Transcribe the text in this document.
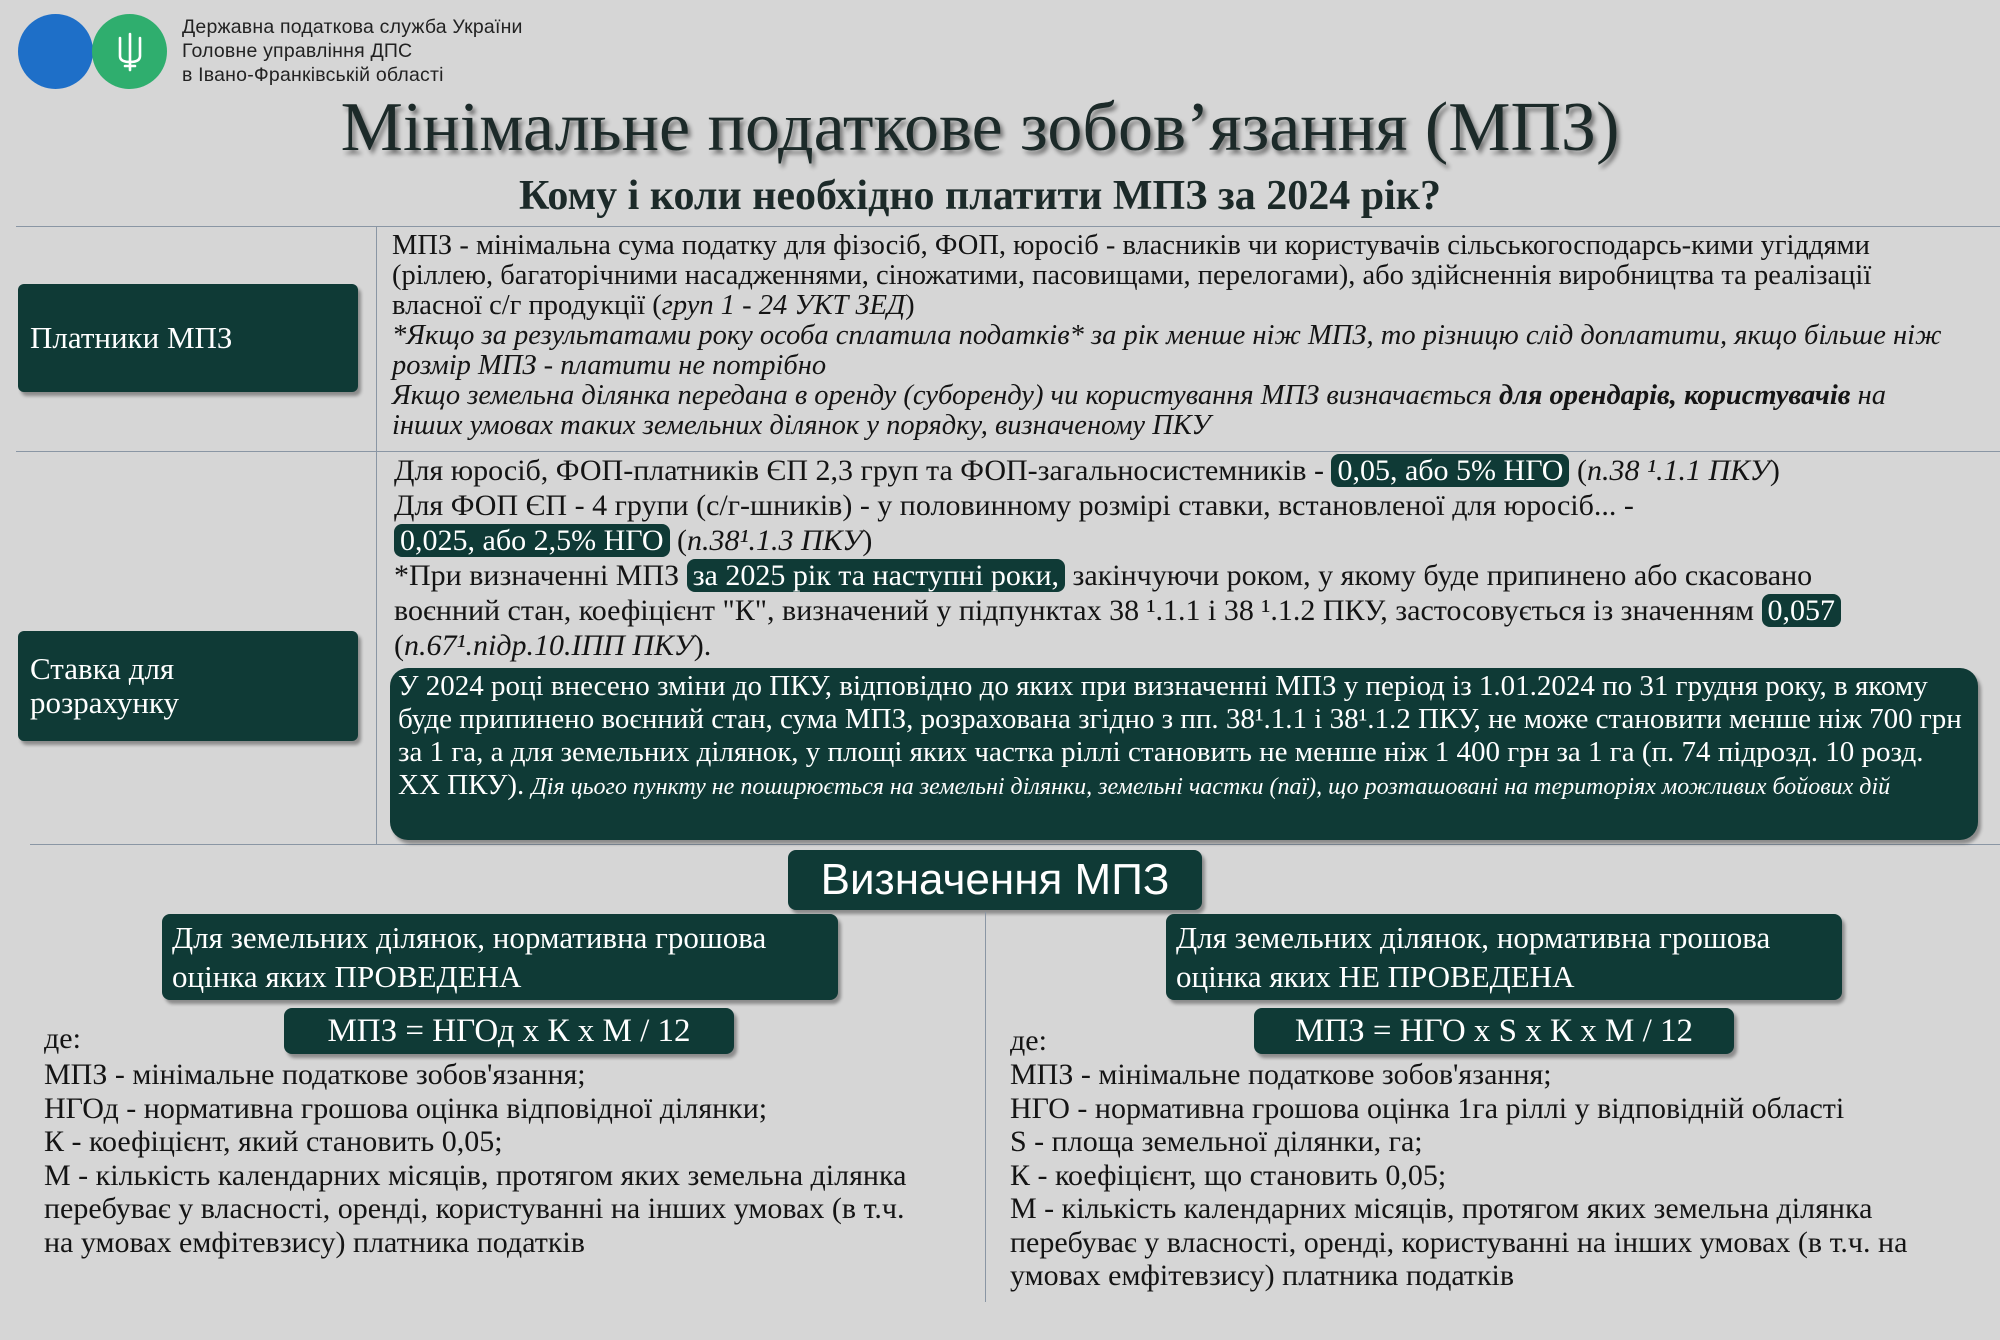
Державна податкова служба України
Головне управління ДПС
в Івано-Франківській області
Мінімальне податкове зобов’язання (МПЗ)
Кому і коли необхідно платити МПЗ за 2024 рік?
Платники МПЗ

МПЗ - мінімальна сума податку для фізосіб, ФОП, юросіб - власників чи користувачів сільськогосподарсь-кими угіддями (ріллею, багаторічними насадженнями, сіножатими, пасовищами, перелогами), або здійсненнія виробництва та реалізації власної с/г продукції (груп 1 - 24 УКТ ЗЕД)

*Якщо за результатами року особа сплатила податків* за рік менше ніж МПЗ, то різницю слід доплатити, якщо більше ніж розмір МПЗ - платити не потрібно

Якщо земельна ділянка передана в оренду (суборенду) чи користування МПЗ визначається для орендарів, користувачів на інших умовах таких земельних ділянок у порядку, визначеному ПКУ

Ставка для розрахунку

Для юросіб, ФОП-платників ЄП 2,3 груп та ФОП-загальносистемників - 0,05, або 5% НГО (п.38 ¹.1.1 ПКУ)

Для ФОП ЄП - 4 групи (с/г-шників) - у половинному розмірі ставки, встановленої для юросіб... - 0,025, або 2,5% НГО (п.38¹.1.3 ПКУ)

*При визначенні МПЗ за 2025 рік та наступні роки, закінчуючи роком, у якому буде припинено або скасовано воєнний стан, коефіцієнт "К", визначений у підпунктах 38 ¹.1.1 і 38 ¹.1.2 ПКУ, застосовується із значенням 0,057 (п.67¹.підр.10.ІПП ПКУ).

У 2024 році внесено зміни до ПКУ, відповідно до яких при визначенні МПЗ у період із 1.01.2024 по 31 грудня року, в якому буде припинено воєнний стан, сума МПЗ, розрахована згідно з пп. 38¹.1.1 і 38¹.1.2 ПКУ, не може становити менше ніж 700 грн за 1 га, а для земельних ділянок, у площі яких частка ріллі становить не менше ніж 1 400 грн за 1 га (п. 74 підрозд. 10 розд. XX ПКУ). Дія цього пункту не поширюється на земельні ділянки, земельні частки (паї), що розташовані на територіях можливих бойових дій
Визначення МПЗ
Для земельних ділянок, нормативна грошова оцінка яких ПРОВЕДЕНА
МПЗ = НГОд х К х М / 12
де:
МПЗ - мінімальне податкове зобов'язання;
НГОд - нормативна грошова оцінка відповідної ділянки;
К - коефіцієнт, який становить 0,05;
М - кількість календарних місяців, протягом яких земельна ділянка перебуває у власності, оренді, користуванні на інших умовах (в т.ч. на умовах емфітевзису) платника податків
Для земельних ділянок, нормативна грошова оцінка яких НЕ ПРОВЕДЕНА
МПЗ = НГО х S х К х М / 12
де:
МПЗ - мінімальне податкове зобов'язання;
НГО - нормативна грошова оцінка 1га ріллі у відповідній області
S - площа земельної ділянки, га;
К - коефіцієнт, що становить 0,05;
М - кількість календарних місяців, протягом яких земельна ділянка перебуває у власності, оренді, користуванні на інших умовах (в т.ч. на умовах емфітевзису) платника податків
